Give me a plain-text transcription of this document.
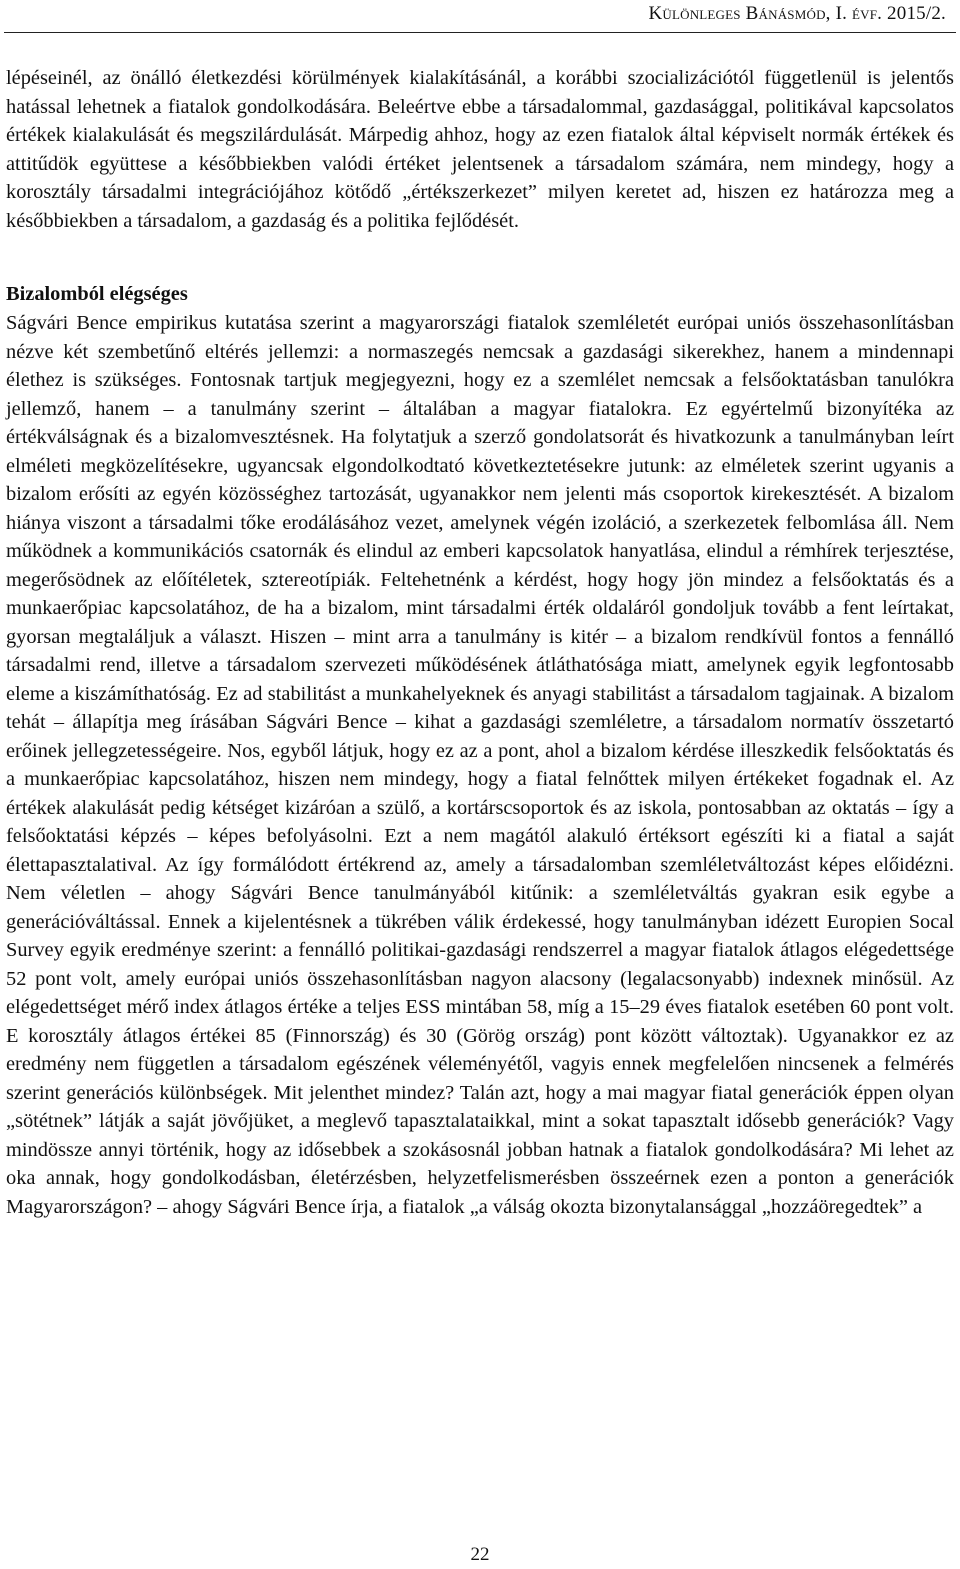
Különleges Bánásmód, I. évf. 2015/2.

lépéseinél, az önálló életkezdési körülmények kialakításánál, a korábbi szocializációtól függetlenül is jelentős hatással lehetnek a fiatalok gondolkodására. Beleértve ebbe a társadalommal, gazdasággal, politikával kapcsolatos értékek kialakulását és megszilárdulását. Márpedig ahhoz, hogy az ezen fiatalok által képviselt normák értékek és attitűdök együttese a későbbiekben valódi értéket jelentsenek a társadalom számára, nem mindegy, hogy a korosztály társadalmi integrációjához kötődő „értékszerkezet” milyen keretet ad, hiszen ez határozza meg a későbbiekben a társadalom, a gazdaság és a politika fejlődését.

Bizalomból elégséges

Ságvári Bence empirikus kutatása szerint a magyarországi fiatalok szemléletét európai uniós összehasonlításban nézve két szembetűnő eltérés jellemzi: a normaszegés nemcsak a gazdasági sikerekhez, hanem a mindennapi élethez is szükséges. Fontosnak tartjuk megjegyezni, hogy ez a szemlélet nemcsak a felsőoktatásban tanulókra jellemző, hanem – a tanulmány szerint – általában a magyar fiatalokra. Ez egyértelmű bizonyítéka az értékválságnak és a bizalomvesztésnek. Ha folytatjuk a szerző gondolatsorát és hivatkozunk a tanulmányban leírt elméleti megközelítésekre, ugyancsak elgondolkodtató következtetésekre jutunk: az elméletek szerint ugyanis a bizalom erősíti az egyén közösséghez tartozását, ugyanakkor nem jelenti más csoportok kirekesztését. A bizalom hiánya viszont a társadalmi tőke erodálásához vezet, amelynek végén izoláció, a szerkezetek felbomlása áll. Nem működnek a kommunikációs csatornák és elindul az emberi kapcsolatok hanyatlása, elindul a rémhírek terjesztése, megerősödnek az előítéletek, sztereotípiák. Feltehetnénk a kérdést, hogy hogy jön mindez a felsőoktatás és a munkaerőpiac kapcsolatához, de ha a bizalom, mint társadalmi érték oldaláról gondoljuk tovább a fent leírtakat, gyorsan megtaláljuk a választ. Hiszen – mint arra a tanulmány is kitér – a bizalom rendkívül fontos a fennálló társadalmi rend, illetve a társadalom szervezeti működésének átláthatósága miatt, amelynek egyik legfontosabb eleme a kiszámíthatóság. Ez ad stabilitást a munkahelyeknek és anyagi stabilitást a társadalom tagjainak. A bizalom tehát – állapítja meg írásában Ságvári Bence – kihat a gazdasági szemléletre, a társadalom normatív összetartó erőinek jellegzetességeire. Nos, egyből látjuk, hogy ez az a pont, ahol a bizalom kérdése illeszkedik felsőoktatás és a munkaerőpiac kapcsolatához, hiszen nem mindegy, hogy a fiatal felnőttek milyen értékeket fogadnak el. Az értékek alakulását pedig kétséget kizáróan a szülő, a kortárscsoportok és az iskola, pontosabban az oktatás – így a felsőoktatási képzés – képes befolyásolni. Ezt a nem magától alakuló értéksort egészíti ki a fiatal a saját élettapasztalatival. Az így formálódott értékrend az, amely a társadalomban szemléletváltozást képes előidézni. Nem véletlen – ahogy Ságvári Bence tanulmányából kitűnik: a szemléletváltás gyakran esik egybe a generációváltással. Ennek a kijelentésnek a tükrében válik érdekessé, hogy tanulmányban idézett Europien Socal Survey egyik eredménye szerint: a fennálló politikai-gazdasági rendszerrel a magyar fiatalok átlagos elégedettsége 52 pont volt, amely európai uniós összehasonlításban nagyon alacsony (legalacsonyabb) indexnek minősül. Az elégedettséget mérő index átlagos értéke a teljes ESS mintában 58, míg a 15–29 éves fiatalok esetében 60 pont volt. E korosztály átlagos értékei 85 (Finnország) és 30 (Görög ország) pont között változtak). Ugyanakkor ez az eredmény nem független a társadalom egészének véleményétől, vagyis ennek megfelelően nincsenek a felmérés szerint generációs különbségek. Mit jelenthet mindez? Talán azt, hogy a mai magyar fiatal generációk éppen olyan „sötétnek” látják a saját jövőjüket, a meglevő tapasztalataikkal, mint a sokat tapasztalt idősebb generációk? Vagy mindössze annyi történik, hogy az idősebbek a szokásosnál jobban hatnak a fiatalok gondolkodására? Mi lehet az oka annak, hogy gondolkodásban, életérzésben, helyzetfelismerésben összeérnek ezen a ponton a generációk Magyarországon? – ahogy Ságvári Bence írja, a fiatalok „a válság okozta bizonytalansággal „hozzáöregedtek” a

22
